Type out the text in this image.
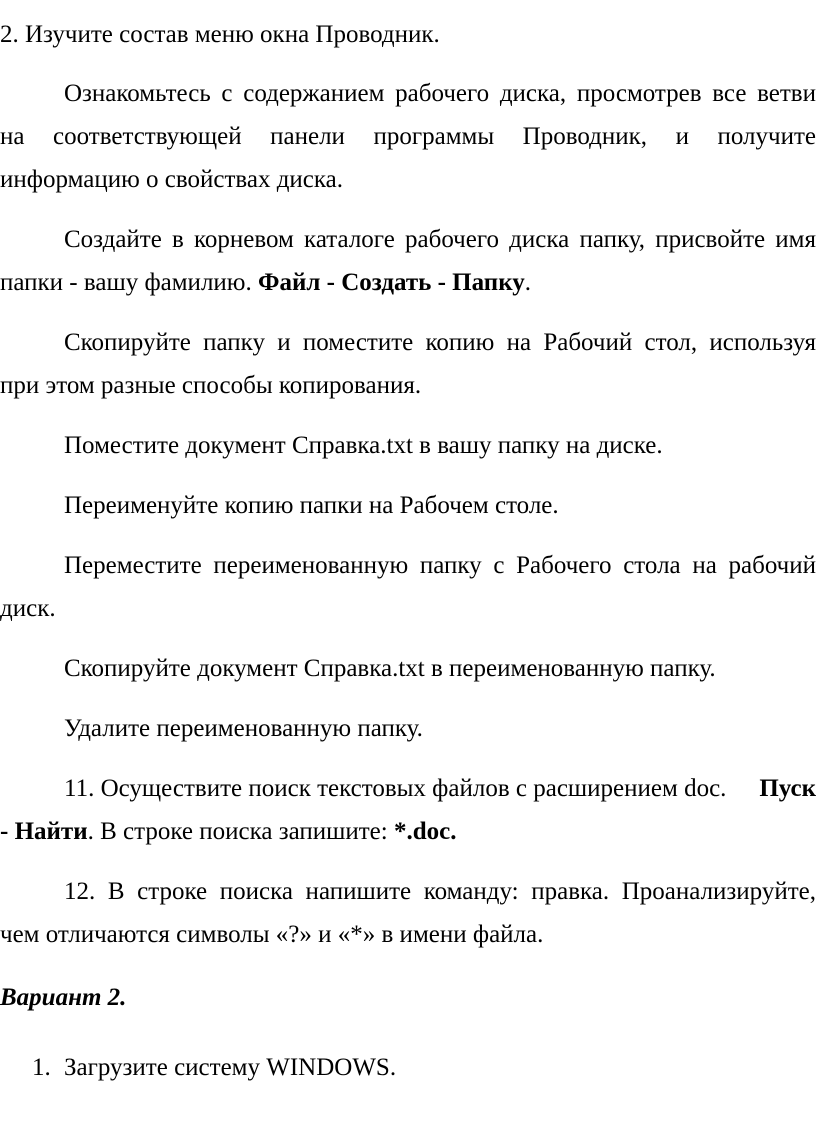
2. Изучите состав меню окна Проводник.
Ознакомьтесь с содержанием рабочего диска, просмотрев все ветви
на соответствующей панели программы Проводник, и получите
информацию о свойствах диска.
Создайте в корневом каталоге рабочего диска папку, присвойте имя
папки - вашу фамилию. Файл - Создать - Папку.
Скопируйте папку и поместите копию на Рабочий стол, используя
при этом разные способы копирования.
Поместите документ Справка.txt в вашу папку на диске.
Переименуйте копию папки на Рабочем столе.
Переместите переименованную папку с Рабочего стола на рабочий
диск.
Скопируйте документ Справка.txt в переименованную папку.
Удалите переименованную папку.
11. Осуществите поиск текстовых файлов с расширением doc. Пуск
- Найти. В строке поиска запишите: *.doc.
12. В строке поиска напишите команду: правка. Проанализируйте,
чем отличаются символы «?» и «*» в имени файла.
Вариант 2.
1. Загрузите систему WINDOWS.
